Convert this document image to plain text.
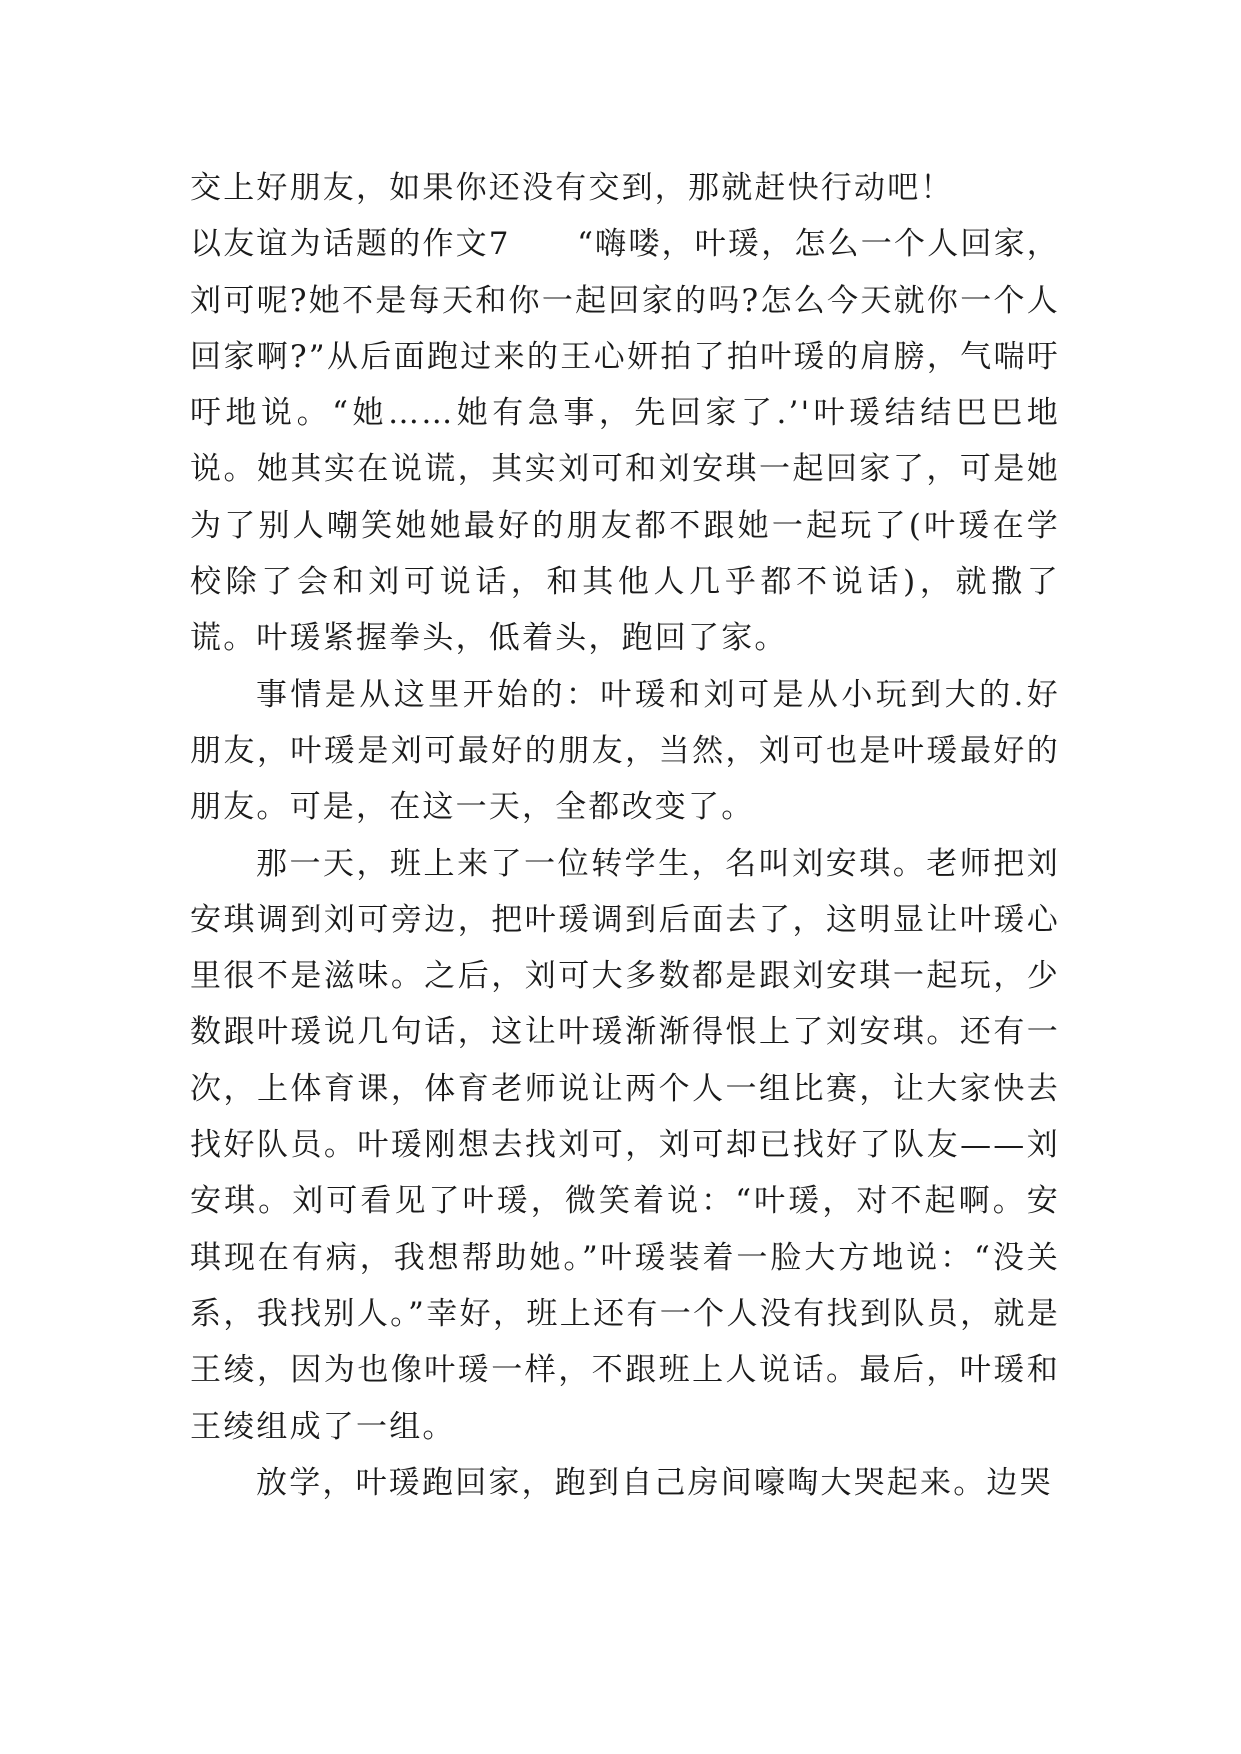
交上好朋友，如果你还没有交到，那就赶快行动吧！

以友谊为话题的作文7　　“嗨喽，叶瑗，怎么一个人回家，刘可呢?她不是每天和你一起回家的吗?怎么今天就你一个人回家啊?”从后面跑过来的王心妍拍了拍叶瑗的肩膀，气喘吁吁地说。“她……她有急事，先回家了.’'叶瑗结结巴巴地说。她其实在说谎，其实刘可和刘安琪一起回家了，可是她为了别人嘲笑她她最好的朋友都不跟她一起玩了(叶瑗在学校除了会和刘可说话，和其他人几乎都不说话)，就撒了谎。叶瑗紧握拳头，低着头，跑回了家。

事情是从这里开始的：叶瑗和刘可是从小玩到大的.好朋友，叶瑗是刘可最好的朋友，当然，刘可也是叶瑗最好的朋友。可是，在这一天，全都改变了。

那一天，班上来了一位转学生，名叫刘安琪。老师把刘安琪调到刘可旁边，把叶瑗调到后面去了，这明显让叶瑗心里很不是滋味。之后，刘可大多数都是跟刘安琪一起玩，少数跟叶瑗说几句话，这让叶瑗渐渐得恨上了刘安琪。还有一次，上体育课，体育老师说让两个人一组比赛，让大家快去找好队员。叶瑗刚想去找刘可，刘可却已找好了队友——刘安琪。刘可看见了叶瑗，微笑着说：“叶瑗，对不起啊。安琪现在有病，我想帮助她。”叶瑗装着一脸大方地说：“没关系，我找别人。”幸好，班上还有一个人没有找到队员，就是王绫，因为也像叶瑗一样，不跟班上人说话。最后，叶瑗和王绫组成了一组。

放学，叶瑗跑回家，跑到自己房间嚎啕大哭起来。边哭
